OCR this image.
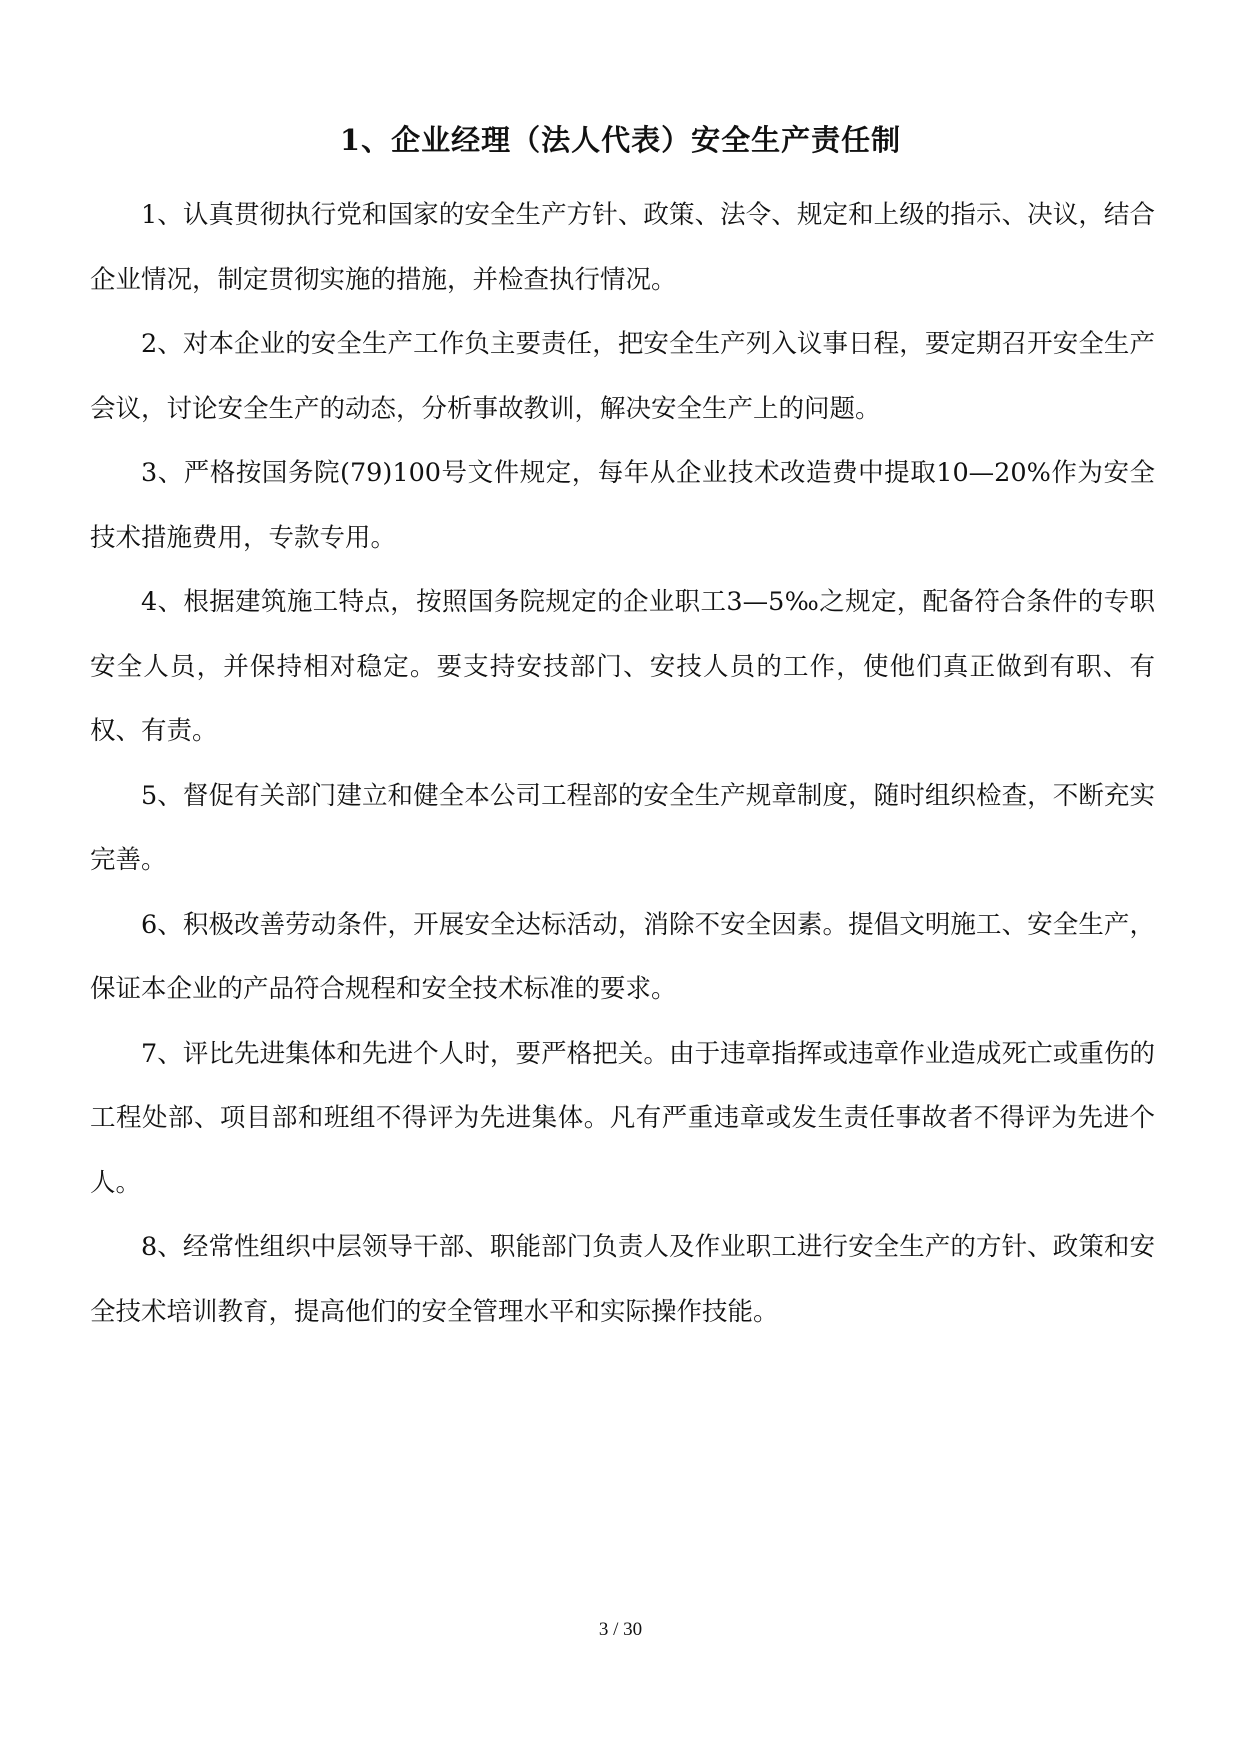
1、企业经理（法人代表）安全生产责任制

1、认真贯彻执行党和国家的安全生产方针、政策、法令、规定和上级的指示、决议，结合企业情况，制定贯彻实施的措施，并检查执行情况。

2、对本企业的安全生产工作负主要责任，把安全生产列入议事日程，要定期召开安全生产会议，讨论安全生产的动态，分析事故教训，解决安全生产上的问题。

3、严格按国务院(79)100号文件规定，每年从企业技术改造费中提取10—20%作为安全技术措施费用，专款专用。

4、根据建筑施工特点，按照国务院规定的企业职工3—5‰之规定，配备符合条件的专职安全人员，并保持相对稳定。要支持安技部门、安技人员的工作，使他们真正做到有职、有权、有责。

5、督促有关部门建立和健全本公司工程部的安全生产规章制度，随时组织检查，不断充实完善。

6、积极改善劳动条件，开展安全达标活动，消除不安全因素。提倡文明施工、安全生产，保证本企业的产品符合规程和安全技术标准的要求。

7、评比先进集体和先进个人时，要严格把关。由于违章指挥或违章作业造成死亡或重伤的工程处部、项目部和班组不得评为先进集体。凡有严重违章或发生责任事故者不得评为先进个人。

8、经常性组织中层领导干部、职能部门负责人及作业职工进行安全生产的方针、政策和安全技术培训教育，提高他们的安全管理水平和实际操作技能。

3 / 30
